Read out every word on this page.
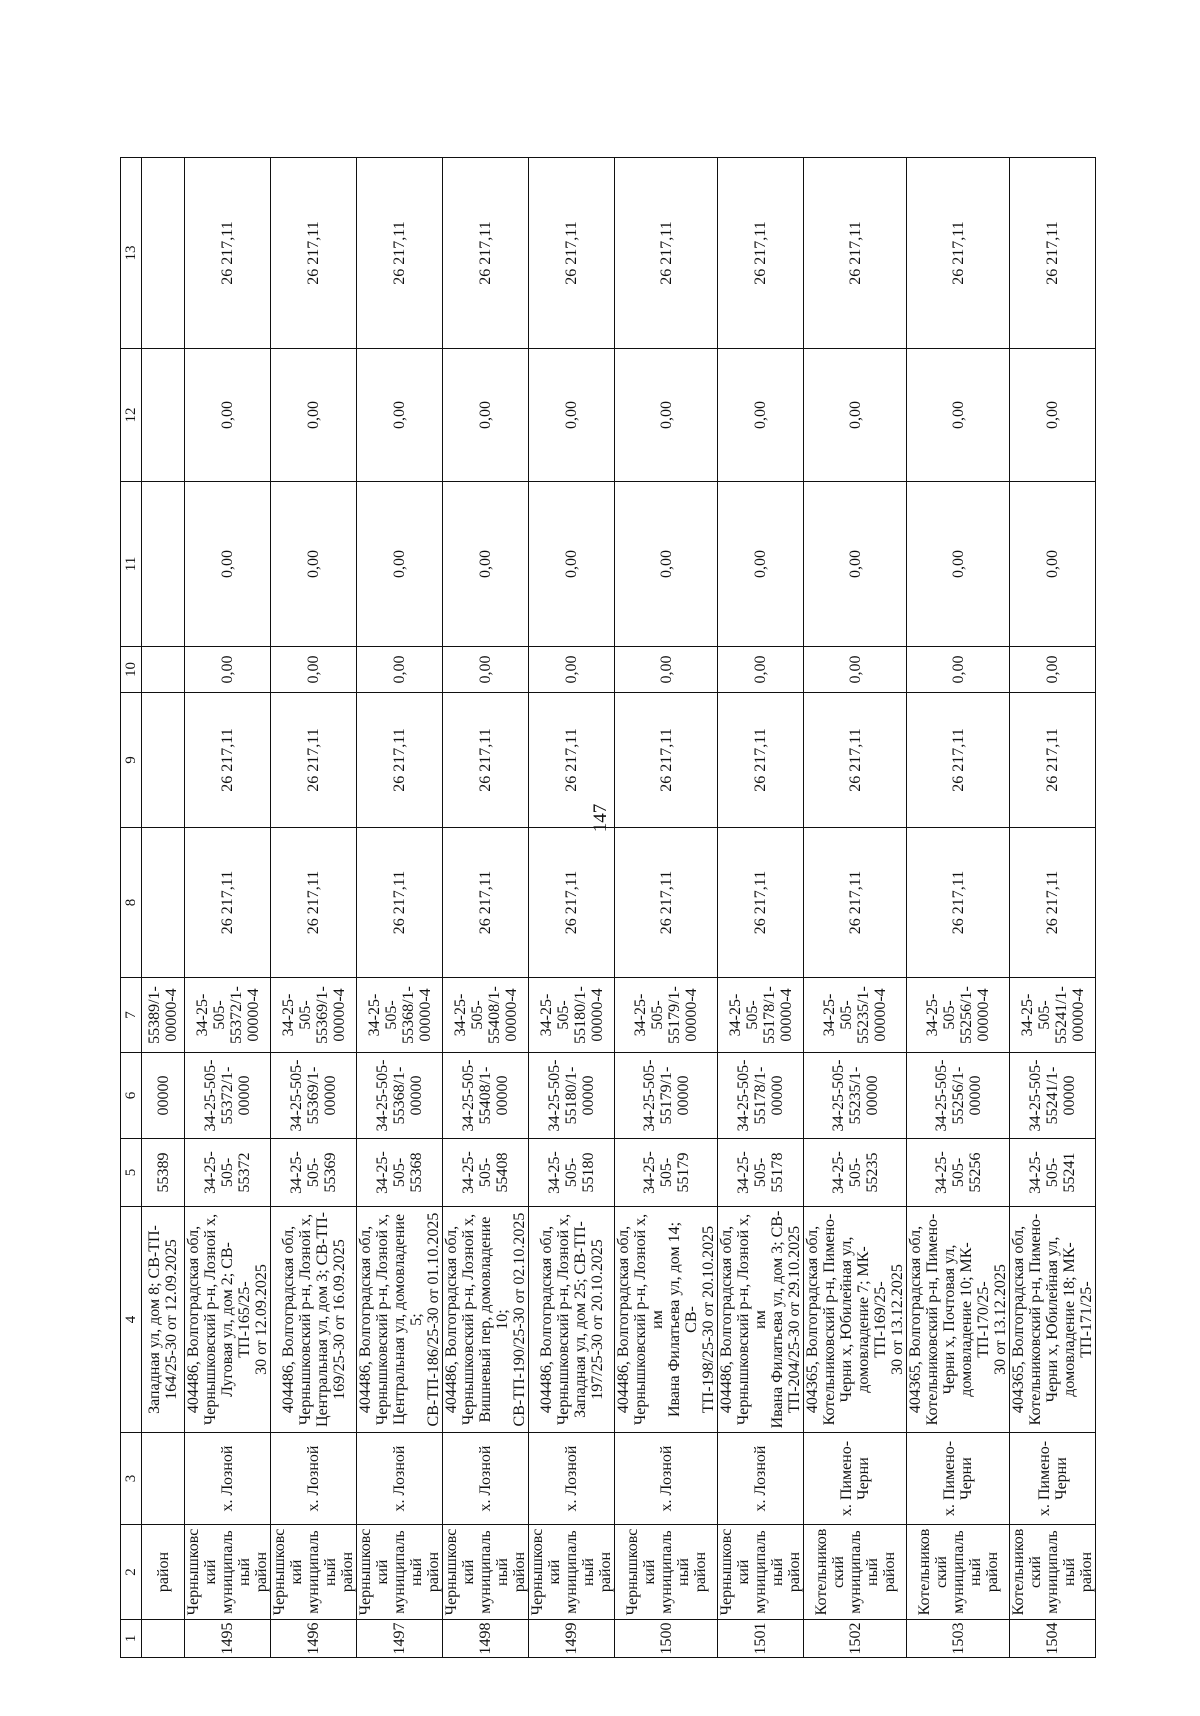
147
1	2	3	4	5	6	7	8	9	10	11	12	13
	район		Западная ул, дом 8; СВ-ТП-
164/25-30 от 12.09.2025	55389	00000	55389/1-
00000-4						
1495	Чернышковский
муниципальный
район	х. Лозной	404486, Волгоградская обл,
Чернышковский р-н, Лозной х,
Луговая ул, дом 2; СВ-ТП-165/25-
30 от 12.09.2025	34-25-
505-
55372	34-25-505-
55372/1-
00000	34-25-
505-
55372/1-
00000-4	26 217,11	26 217,11	0,00	0,00	0,00	26 217,11
1496	Чернышковский
муниципальный
район	х. Лозной	404486, Волгоградская обл,
Чернышковский р-н, Лозной х,
Центральная ул, дом 3; СВ-ТП-
169/25-30 от 16.09.2025	34-25-
505-
55369	34-25-505-
55369/1-
00000	34-25-
505-
55369/1-
00000-4	26 217,11	26 217,11	0,00	0,00	0,00	26 217,11
1497	Чернышковский
муниципальный
район	х. Лозной	404486, Волгоградская обл,
Чернышковский р-н, Лозной х,
Центральная ул, домовладение 5;
СВ-ТП-186/25-30 от 01.10.2025	34-25-
505-
55368	34-25-505-
55368/1-
00000	34-25-
505-
55368/1-
00000-4	26 217,11	26 217,11	0,00	0,00	0,00	26 217,11
1498	Чернышковский
муниципальный
район	х. Лозной	404486, Волгоградская обл,
Чернышковский р-н, Лозной х,
Вишневый пер, домовладение 10;
СВ-ТП-190/25-30 от 02.10.2025	34-25-
505-
55408	34-25-505-
55408/1-
00000	34-25-
505-
55408/1-
00000-4	26 217,11	26 217,11	0,00	0,00	0,00	26 217,11
1499	Чернышковский
муниципальный
район	х. Лозной	404486, Волгоградская обл,
Чернышковский р-н, Лозной х,
Западная ул, дом 25; СВ-ТП-
197/25-30 от 20.10.2025	34-25-
505-
55180	34-25-505-
55180/1-
00000	34-25-
505-
55180/1-
00000-4	26 217,11	26 217,11	0,00	0,00	0,00	26 217,11
1500	Чернышковский
муниципальный
район	х. Лозной	404486, Волгоградская обл,
Чернышковский р-н, Лозной х, им
Ивана Филатьева ул, дом 14; СВ-
ТП-198/25-30 от 20.10.2025	34-25-
505-
55179	34-25-505-
55179/1-
00000	34-25-
505-
55179/1-
00000-4	26 217,11	26 217,11	0,00	0,00	0,00	26 217,11
1501	Чернышковский
муниципальный
район	х. Лозной	404486, Волгоградская обл,
Чернышковский р-н, Лозной х, им
Ивана Филатьева ул, дом 3; СВ-
ТП-204/25-30 от 29.10.2025	34-25-
505-
55178	34-25-505-
55178/1-
00000	34-25-
505-
55178/1-
00000-4	26 217,11	26 217,11	0,00	0,00	0,00	26 217,11
1502	Котельниковский
муниципальный
район	х. Пимено-Черни	404365, Волгоградская обл,
Котельниковский р-н, Пимено-
Черни х, Юбилейная ул,
домовладение 7; МК-ТП-169/25-
30 от 13.12.2025	34-25-
505-
55235	34-25-505-
55235/1-
00000	34-25-
505-
55235/1-
00000-4	26 217,11	26 217,11	0,00	0,00	0,00	26 217,11
1503	Котельниковский
муниципальный
район	х. Пимено-Черни	404365, Волгоградская обл,
Котельниковский р-н, Пимено-
Черни х, Почтовая ул,
домовладение 10; МК-ТП-170/25-
30 от 13.12.2025	34-25-
505-
55256	34-25-505-
55256/1-
00000	34-25-
505-
55256/1-
00000-4	26 217,11	26 217,11	0,00	0,00	0,00	26 217,11
1504	Котельниковский
муниципальный
район	х. Пимено-Черни	404365, Волгоградская обл,
Котельниковский р-н, Пимено-
Черни х, Юбилейная ул,
домовладение 18; МК-ТП-171/25-	34-25-
505-
55241	34-25-505-
55241/1-
00000	34-25-
505-
55241/1-
00000-4	26 217,11	26 217,11	0,00	0,00	0,00	26 217,11
